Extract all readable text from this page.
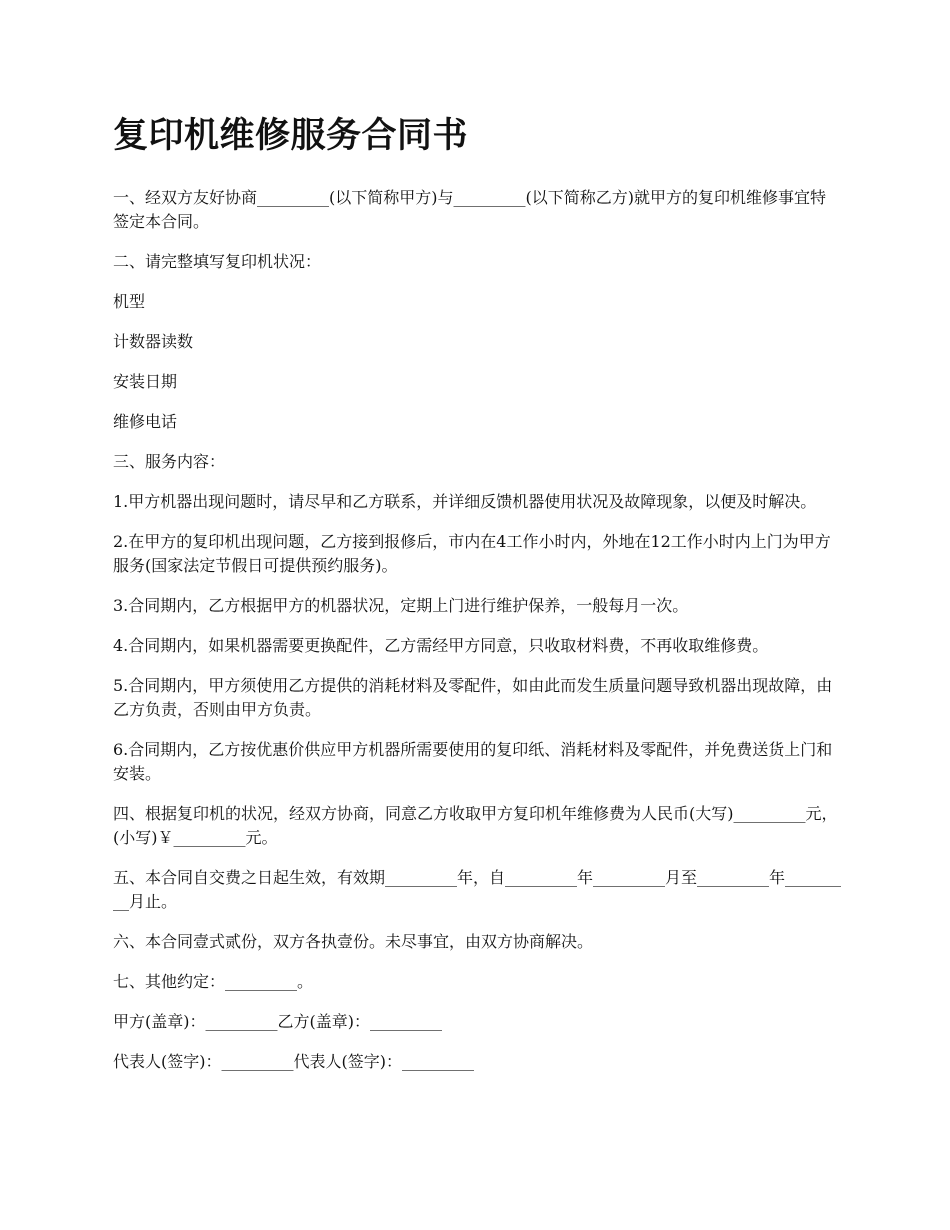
复印机维修服务合同书

一、经双方友好协商_________(以下简称甲方)与_________(以下简称乙方)就甲方的复印机维修事宜特签定本合同。

二、请完整填写复印机状况：

机型

计数器读数

安装日期

维修电话

三、服务内容：

1.甲方机器出现问题时，请尽早和乙方联系，并详细反馈机器使用状况及故障现象，以便及时解决。

2.在甲方的复印机出现问题，乙方接到报修后，市内在4工作小时内，外地在12工作小时内上门为甲方服务(国家法定节假日可提供预约服务)。

3.合同期内，乙方根据甲方的机器状况，定期上门进行维护保养，一般每月一次。

4.合同期内，如果机器需要更换配件，乙方需经甲方同意，只收取材料费，不再收取维修费。

5.合同期内，甲方须使用乙方提供的消耗材料及零配件，如由此而发生质量问题导致机器出现故障，由乙方负责，否则由甲方负责。

6.合同期内，乙方按优惠价供应甲方机器所需要使用的复印纸、消耗材料及零配件，并免费送货上门和安装。

四、根据复印机的状况，经双方协商，同意乙方收取甲方复印机年维修费为人民币(大写)_________元，(小写)￥_________元。

五、本合同自交费之日起生效，有效期_________年，自_________年_________月至_________年_________月止。

六、本合同壹式贰份，双方各执壹份。未尽事宜，由双方协商解决。

七、其他约定：_________。

甲方(盖章)：_________乙方(盖章)：_________

代表人(签字)：_________代表人(签字)：_________
